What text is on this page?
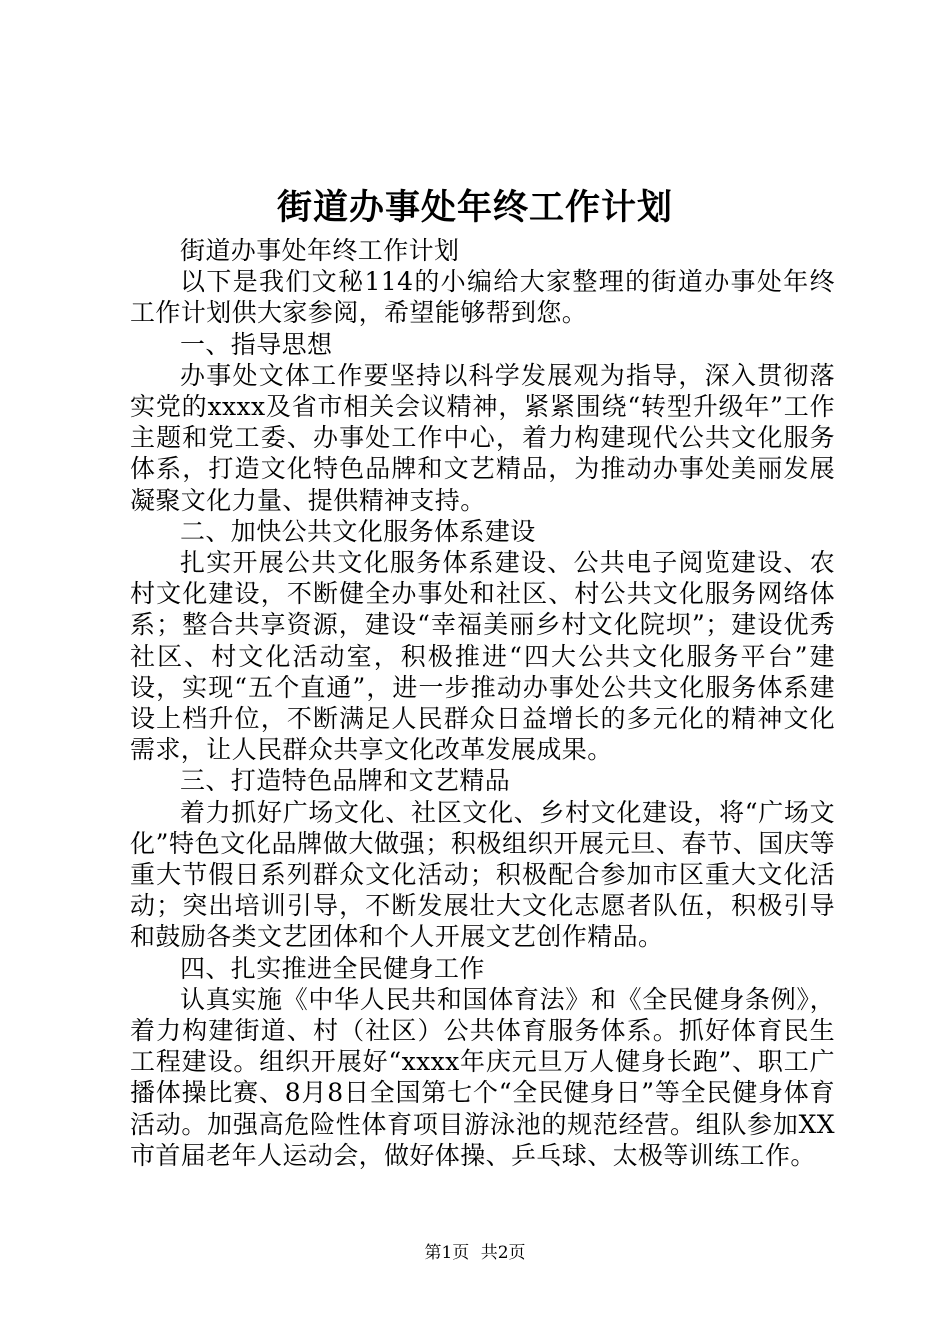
街道办事处年终工作计划

街道办事处年终工作计划

以下是我们文秘114的小编给大家整理的街道办事处年终工作计划供大家参阅，希望能够帮到您。

一、指导思想

办事处文体工作要坚持以科学发展观为指导，深入贯彻落实党的xxxx及省市相关会议精神，紧紧围绕“转型升级年”工作主题和党工委、办事处工作中心，着力构建现代公共文化服务体系，打造文化特色品牌和文艺精品，为推动办事处美丽发展凝聚文化力量、提供精神支持。

二、加快公共文化服务体系建设

扎实开展公共文化服务体系建设、公共电子阅览建设、农村文化建设，不断健全办事处和社区、村公共文化服务网络体系；整合共享资源，建设“幸福美丽乡村文化院坝”；建设优秀社区、村文化活动室，积极推进“四大公共文化服务平台”建设，实现“五个直通”，进一步推动办事处公共文化服务体系建设上档升位，不断满足人民群众日益增长的多元化的精神文化需求，让人民群众共享文化改革发展成果。

三、打造特色品牌和文艺精品

着力抓好广场文化、社区文化、乡村文化建设，将“广场文化”特色文化品牌做大做强；积极组织开展元旦、春节、国庆等重大节假日系列群众文化活动；积极配合参加市区重大文化活动；突出培训引导，不断发展壮大文化志愿者队伍，积极引导和鼓励各类文艺团体和个人开展文艺创作精品。

四、扎实推进全民健身工作

认真实施《中华人民共和国体育法》和《全民健身条例》，着力构建街道、村（社区）公共体育服务体系。抓好体育民生工程建设。组织开展好“xxxx年庆元旦万人健身长跑”、职工广播体操比赛、8月8日全国第七个“全民健身日”等全民健身体育活动。加强高危险性体育项目游泳池的规范经营。组队参加XX市首届老年人运动会，做好体操、乒乓球、太极等训练工作。

第1页 共2页
